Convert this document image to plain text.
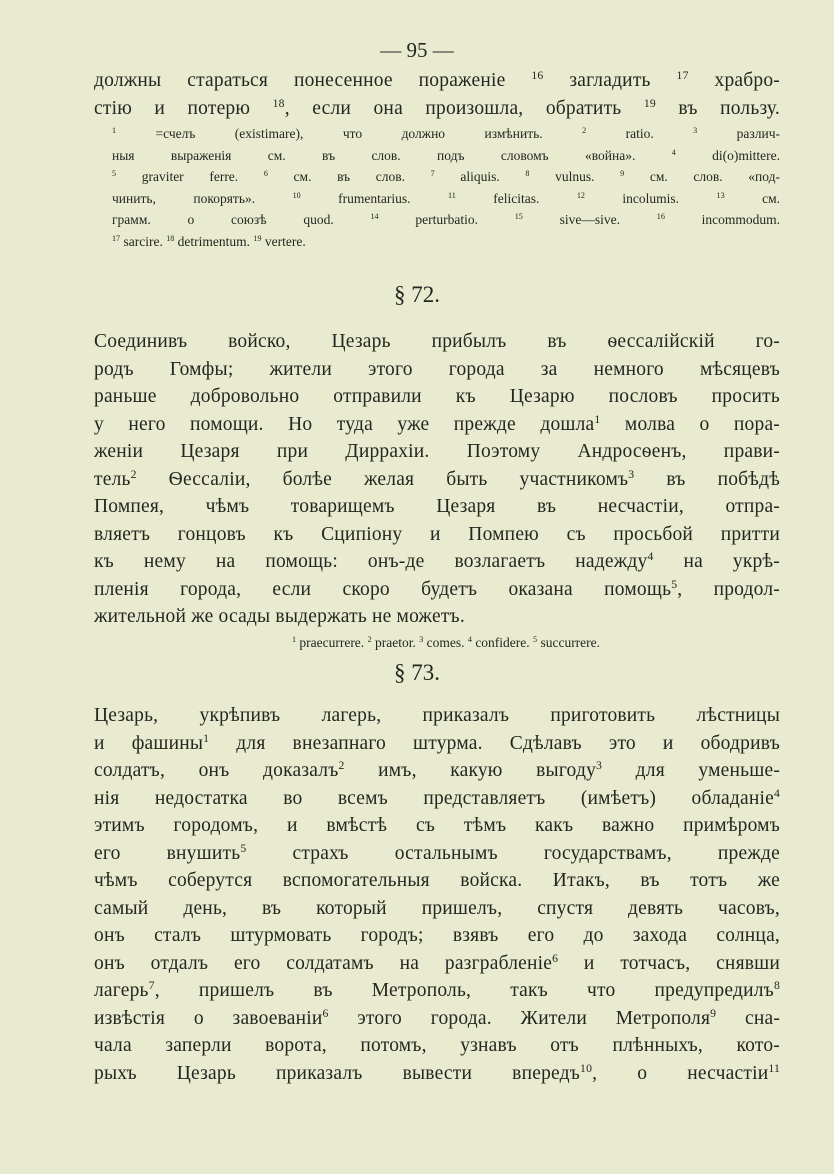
— 95 —
должны стараться понесенное пораженіе $^{16}$ загладить $^{17}$ храбро-
стію и потерю $^{18}$, если она произошла, обратить $^{19}$ въ пользу.
$^1$ =счелъ (existimare), что должно измѣнить. $^2$ ratio. $^3$ различ-
ныя выраженія см. въ слов. подъ словомъ «война». $^4$ di(o)mittere.
$^5$ graviter ferre. $^6$ см. въ слов. $^7$ aliquis. $^8$ vulnus. $^9$ см. слов. «под-
чинить, покорять». $^{10}$ frumentarius. $^{11}$ felicitas. $^{12}$ incolumis. $^{13}$ см.
грамм. о союзѣ quod. $^{14}$ perturbatio. $^{15}$ sive—sive. $^{16}$ incommodum.
$^{17}$ sarcire. $^{18}$ detrimentum. $^{19}$ vertere.
§ 72.
Соединивъ войско, Цезарь прибылъ въ ѳессалійскій го-
родъ Гомфы; жители этого города за немного мѣсяцевъ
раньше добровольно отправили къ Цезарю пословъ просить
у него помощи. Но туда уже прежде дошла$^1$ молва о пора-
женіи Цезаря при Диррахіи. Поэтому Андросѳенъ, прави-
тель$^2$ Ѳессаліи, болѣе желая быть участникомъ$^3$ въ побѣдѣ
Помпея, чѣмъ товарищемъ Цезаря въ несчастіи, отпра-
вляетъ гонцовъ къ Сципіону и Помпею съ просьбой притти
къ нему на помощь: онъ-де возлагаетъ надежду$^4$ на укрѣ-
пленія города, если скоро будетъ оказана помощь$^5$, продол-
жительной же осады выдержать не можетъ.
$^1$ praecurrere. $^2$ praetor. $^3$ comes. $^4$ confidere. $^5$ succurrere.
§ 73.
Цезарь, укрѣпивъ лагерь, приказалъ приготовить лѣстницы
и фашины$^1$ для внезапнаго штурма. Сдѣлавъ это и ободривъ
солдатъ, онъ доказалъ$^2$ имъ, какую выгоду$^3$ для уменьше-
нія недостатка во всемъ представляетъ (имѣетъ) обладаніе$^4$
этимъ городомъ, и вмѣстѣ съ тѣмъ какъ важно примѣромъ
его внушить$^5$ страхъ остальнымъ государствамъ, прежде
чѣмъ соберутся вспомогательныя войска. Итакъ, въ тотъ же
самый день, въ который пришелъ, спустя девять часовъ,
онъ сталъ штурмовать городъ; взявъ его до захода солнца,
онъ отдалъ его солдатамъ на разграбленіе$^6$ и тотчасъ, снявши
лагерь$^7$, пришелъ въ Метрополь, такъ что предупредилъ$^8$
извѣстія о завоеваніи$^6$ этого города. Жители Метрополя$^9$ сна-
чала заперли ворота, потомъ, узнавъ отъ плѣнныхъ, кото-
рыхъ Цезарь приказалъ вывести впередъ$^{10}$, о несчастіи$^{11}$
